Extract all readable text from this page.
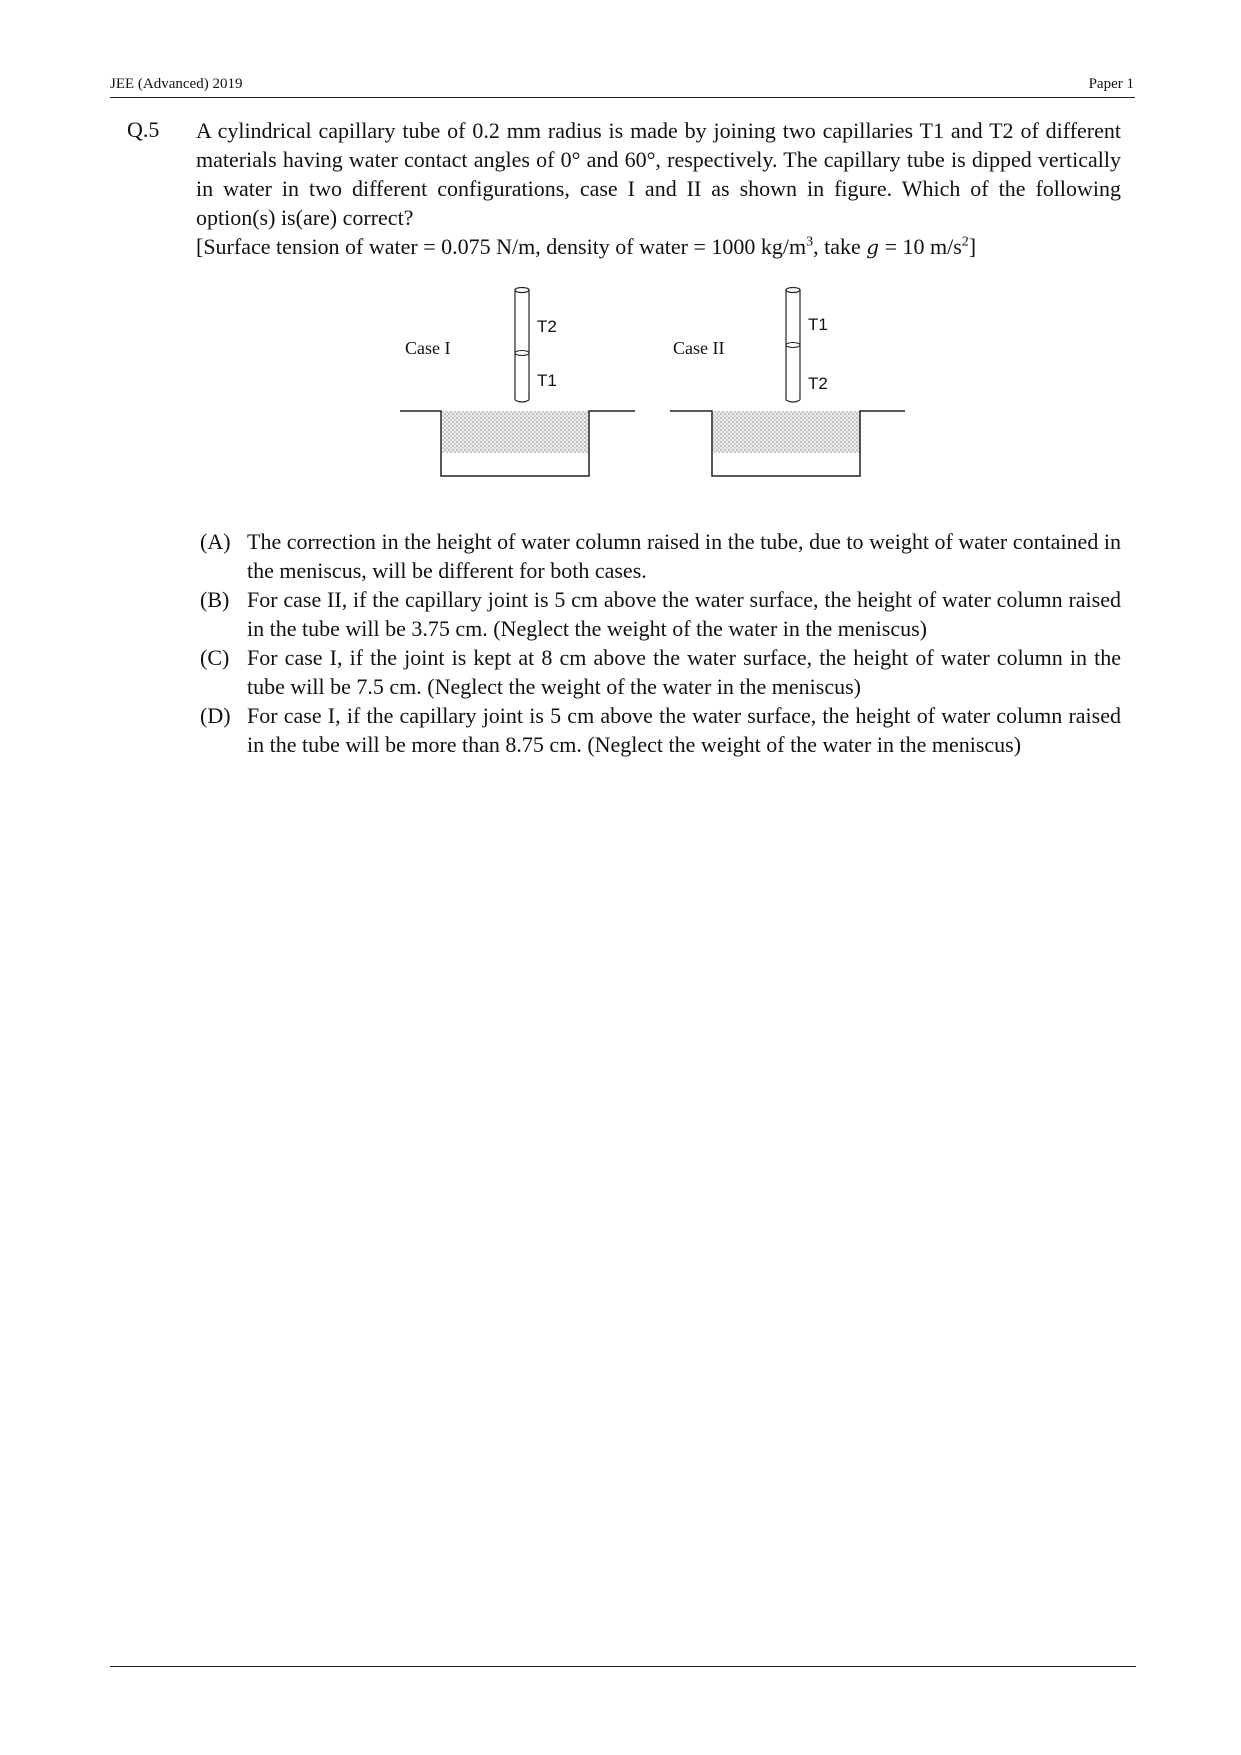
JEE (Advanced) 2019	Paper 1
Q.5 A cylindrical capillary tube of 0.2 mm radius is made by joining two capillaries T1 and T2 of different materials having water contact angles of 0° and 60°, respectively. The capillary tube is dipped vertically in water in two different configurations, case I and II as shown in figure. Which of the following option(s) is(are) correct?

[Surface tension of water = 0.075 N/m, density of water = 1000 $kg/m^3$, take g = 10 $m/s^2$]

Case I
T2
T1
Case II
T1
T2
(A) The correction in the height of water column raised in the tube, due to weight of water contained in the meniscus, will be different for both cases.
(B) For case II, if the capillary joint is 5 cm above the water surface, the height of water column raised in the tube will be 3.75 cm. (Neglect the weight of the water in the meniscus)
(C) For case I, if the joint is kept at 8 cm above the water surface, the height of water column in the tube will be 7.5 cm. (Neglect the weight of the water in the meniscus)
(D) For case I, if the capillary joint is 5 cm above the water surface, the height of water column raised in the tube will be more than 8.75 cm. (Neglect the weight of the water in the meniscus)
